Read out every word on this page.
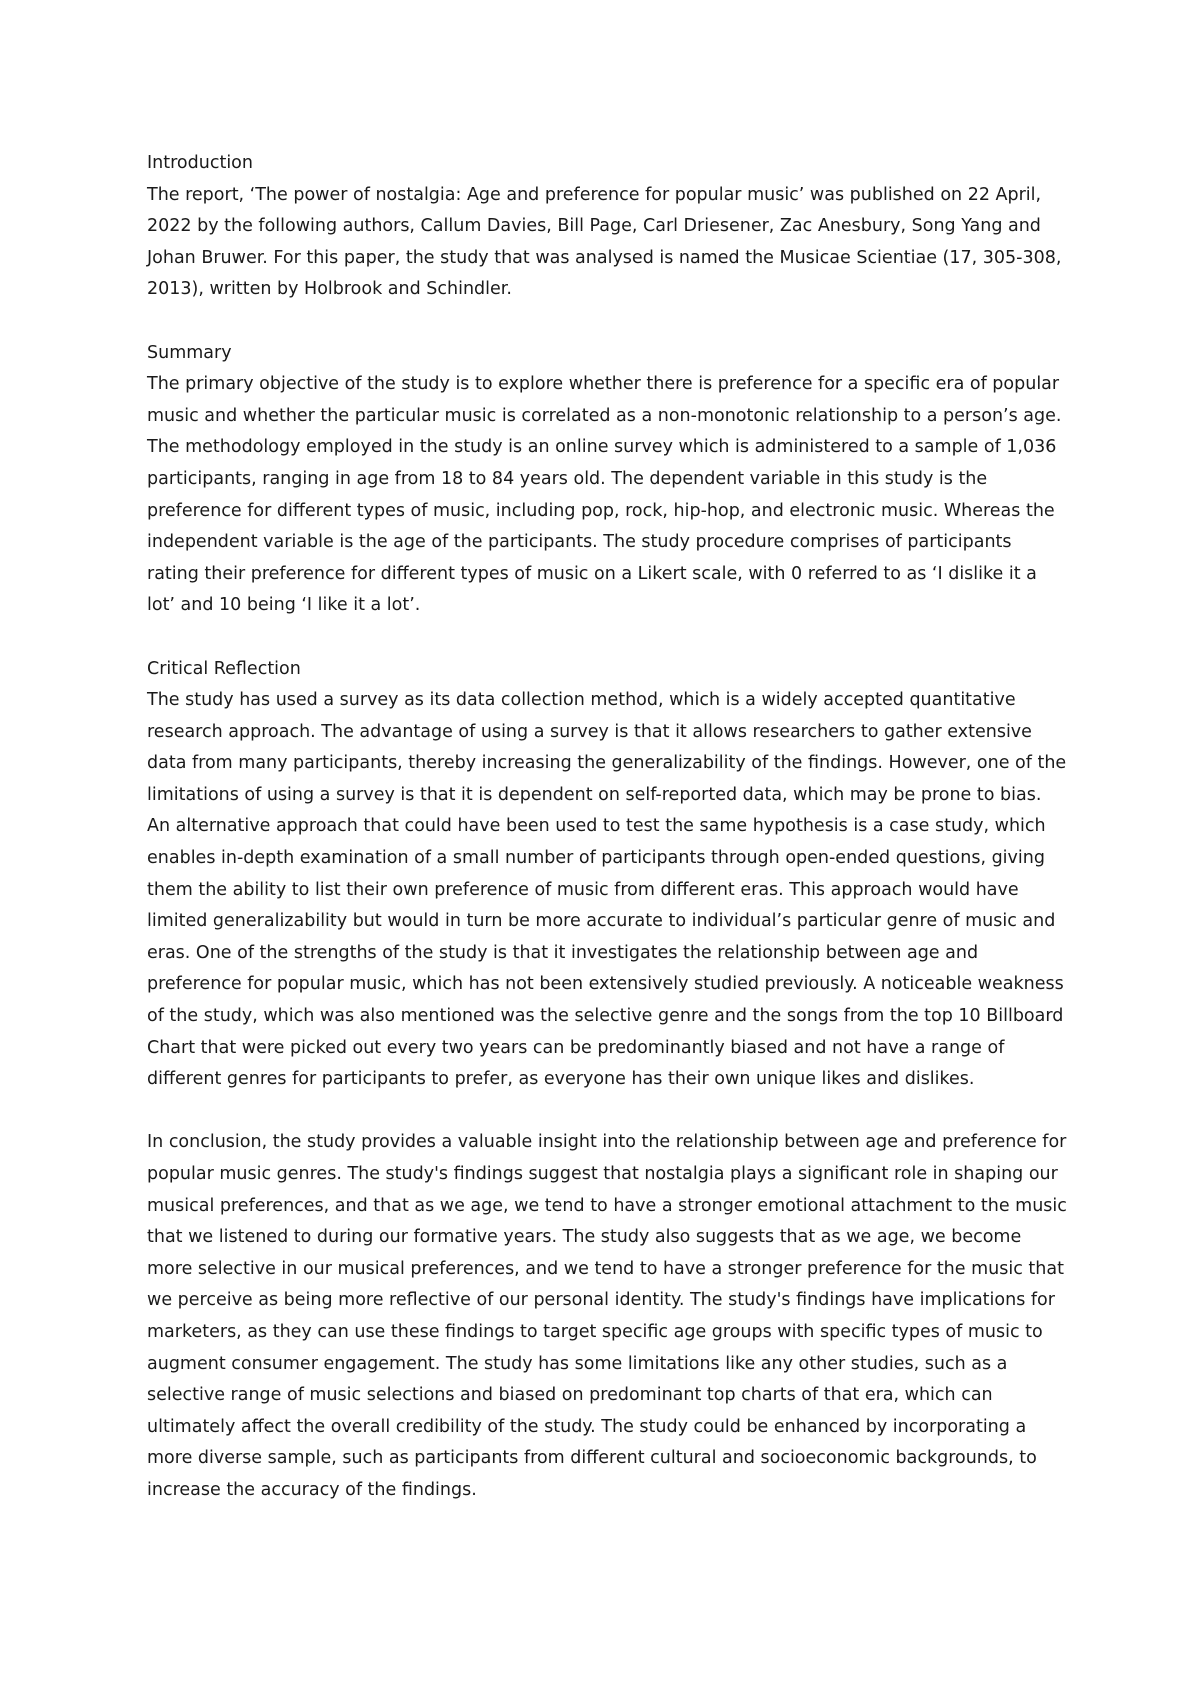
Introduction

The report, ‘The power of nostalgia: Age and preference for popular music’ was published on 22 April, 2022 by the following authors, Callum Davies, Bill Page, Carl Driesener, Zac Anesbury, Song Yang and Johan Bruwer. For this paper, the study that was analysed is named the Musicae Scientiae (17, 305-308, 2013), written by Holbrook and Schindler.

Summary

The primary objective of the study is to explore whether there is preference for a specific era of popular music and whether the particular music is correlated as a non-monotonic relationship to a person’s age. The methodology employed in the study is an online survey which is administered to a sample of 1,036 participants, ranging in age from 18 to 84 years old. The dependent variable in this study is the preference for different types of music, including pop, rock, hip-hop, and electronic music. Whereas the independent variable is the age of the participants. The study procedure comprises of participants rating their preference for different types of music on a Likert scale, with 0 referred to as ‘I dislike it a lot’ and 10 being ‘I like it a lot’.

Critical Reflection

The study has used a survey as its data collection method, which is a widely accepted quantitative research approach. The advantage of using a survey is that it allows researchers to gather extensive data from many participants, thereby increasing the generalizability of the findings. However, one of the limitations of using a survey is that it is dependent on self-reported data, which may be prone to bias. An alternative approach that could have been used to test the same hypothesis is a case study, which enables in-depth examination of a small number of participants through open-ended questions, giving them the ability to list their own preference of music from different eras. This approach would have limited generalizability but would in turn be more accurate to individual’s particular genre of music and eras. One of the strengths of the study is that it investigates the relationship between age and preference for popular music, which has not been extensively studied previously. A noticeable weakness of the study, which was also mentioned was the selective genre and the songs from the top 10 Billboard Chart that were picked out every two years can be predominantly biased and not have a range of different genres for participants to prefer, as everyone has their own unique likes and dislikes.

In conclusion, the study provides a valuable insight into the relationship between age and preference for popular music genres. The study's findings suggest that nostalgia plays a significant role in shaping our musical preferences, and that as we age, we tend to have a stronger emotional attachment to the music that we listened to during our formative years. The study also suggests that as we age, we become more selective in our musical preferences, and we tend to have a stronger preference for the music that we perceive as being more reflective of our personal identity. The study's findings have implications for marketers, as they can use these findings to target specific age groups with specific types of music to augment consumer engagement. The study has some limitations like any other studies, such as a selective range of music selections and biased on predominant top charts of that era, which can ultimately affect the overall credibility of the study. The study could be enhanced by incorporating a more diverse sample, such as participants from different cultural and socioeconomic backgrounds, to increase the accuracy of the findings.
